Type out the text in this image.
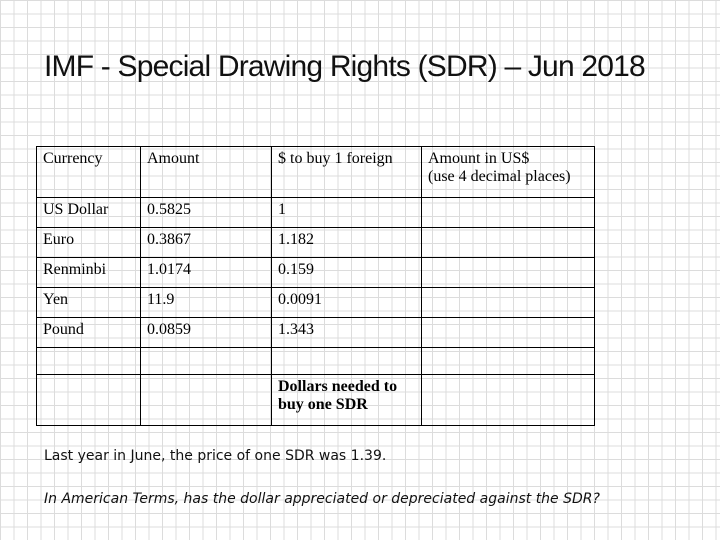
IMF - Special Drawing Rights (SDR) – Jun 2018
Currency	Amount	$ to buy 1 foreign	Amount in US$
(use 4 decimal places)
US Dollar	0.5825	1	
Euro	0.3867	1.182	
Renminbi	1.0174	0.159	
Yen	11.9	0.0091	
Pound	0.0859	1.343	

		Dollars needed to
buy one SDR	
Last year in June, the price of one SDR was 1.39.
In American Terms, has the dollar appreciated or depreciated against the SDR?
